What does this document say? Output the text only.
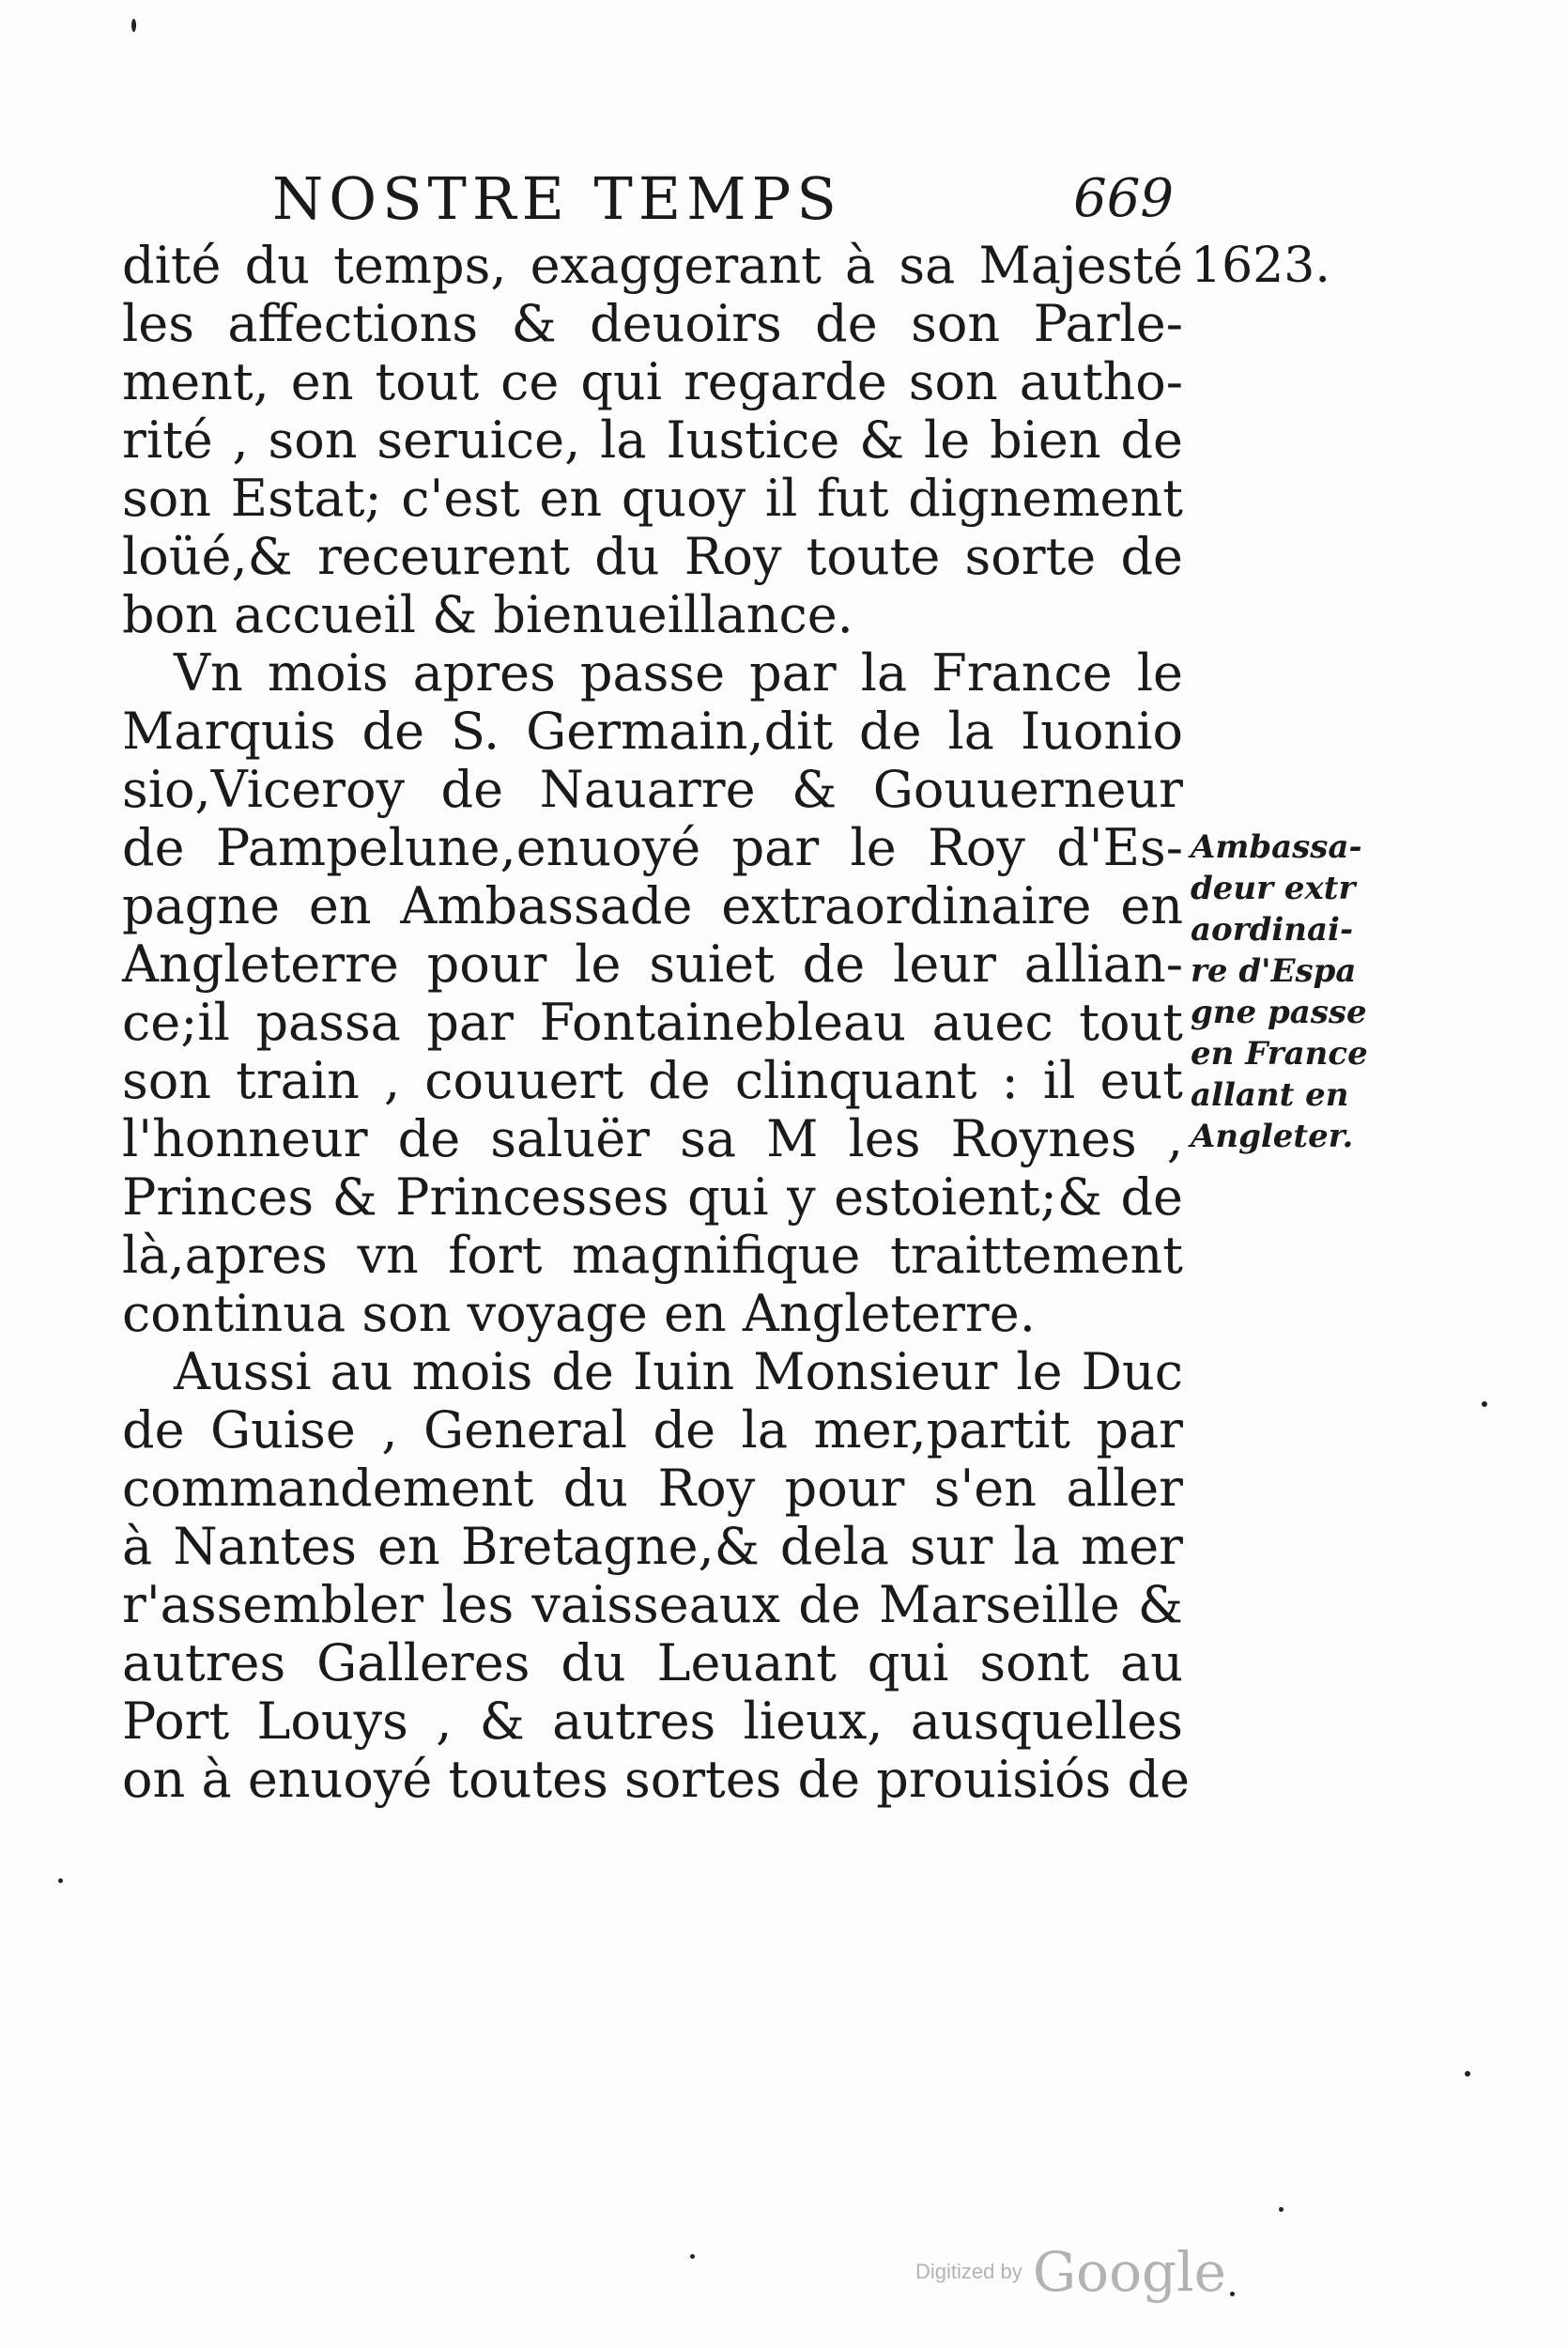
NOSTRE TEMPS	669
1623.
dité du temps, exaggerant à sa Majesté
les affections & deuoirs de son Parle-
ment, en tout ce qui regarde son autho-
rité , son seruice, la Iustice & le bien de
son Estat; c'est en quoy il fut dignement
loüé,& receurent du Roy toute sorte de
bon accueil & bienueillance.
Vn mois apres passe par la France le
Marquis de S. Germain,dit de la Iuonio
sio,Viceroy de Nauarre & Gouuerneur
de Pampelune,enuoyé par le Roy d'Es-
pagne en Ambassade extraordinaire en
Angleterre pour le suiet de leur allian-
ce;il passa par Fontainebleau auec tout
son train , couuert de clinquant : il eut
l'honneur de saluër sa M les Roynes ,
Princes & Princesses qui y estoient;& de
là,apres vn fort magnifique traittement
continua son voyage en Angleterre.
Aussi au mois de Iuin Monsieur le Duc
de Guise , General de la mer,partit par
commandement du Roy pour s'en aller
à Nantes en Bretagne,& dela sur la mer
r'assembler les vaisseaux de Marseille &
autres Galleres du Leuant qui sont au
Port Louys , & autres lieux, ausquelles
on à enuoyé toutes sortes de prouisiós de
Ambassa-
deur extr
aordinai-
re d'Espa
gne passe
en France
allant en
Angleter.
Digitized by Google
